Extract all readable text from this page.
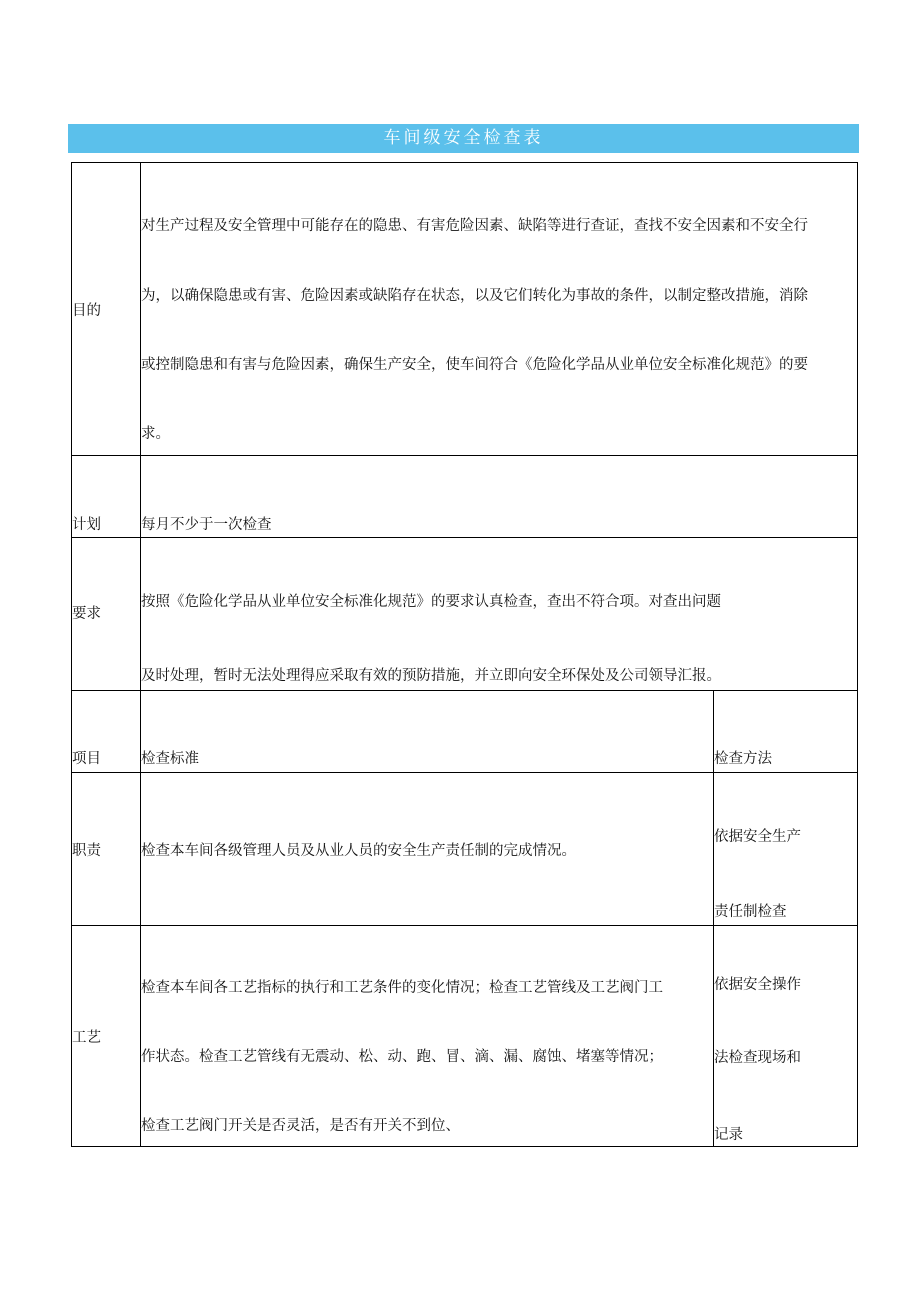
车间级安全检查表
目的	对生产过程及安全管理中可能存在的隐患、有害危险因素、缺陷等进行查证，查找不安全因素和不安全行
为，以确保隐患或有害、危险因素或缺陷存在状态，以及它们转化为事故的条件，以制定整改措施，消除
或控制隐患和有害与危险因素，确保生产安全，使车间符合《危险化学品从业单位安全标准化规范》的要
求。	

计划	每月不少于一次检查	

要求	按照《危险化学品从业单位安全标准化规范》的要求认真检查，查出不符合项。对查出问题
及时处理，暂时无法处理得应采取有效的预防措施，并立即向安全环保处及公司领导汇报。	

项目	检查标准	检查方法

职责	检查本车间各级管理人员及从业人员的安全生产责任制的完成情况。	依据安全生产
责任制检查

工艺	检查本车间各工艺指标的执行和工艺条件的变化情况；检查工艺管线及工艺阀门工
作状态。检查工艺管线有无震动、松、动、跑、冒、滴、漏、腐蚀、堵塞等情况；
检查工艺阀门开关是否灵活，是否有开关不到位、	依据安全操作
法检查现场和
记录
